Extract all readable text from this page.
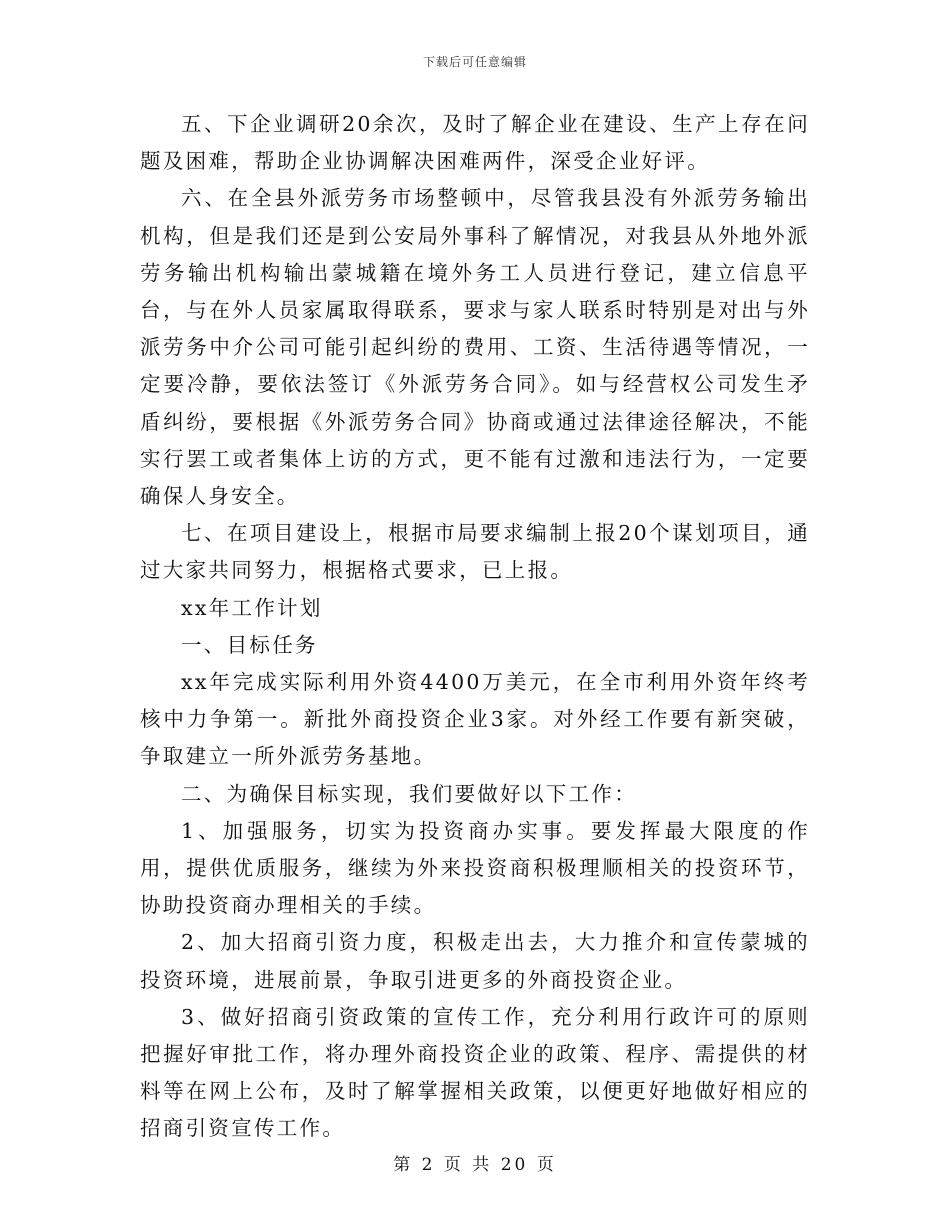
下载后可任意编辑

五、下企业调研20余次，及时了解企业在建设、生产上存在问题及困难，帮助企业协调解决困难两件，深受企业好评。

六、在全县外派劳务市场整顿中，尽管我县没有外派劳务输出机构，但是我们还是到公安局外事科了解情况，对我县从外地外派劳务输出机构输出蒙城籍在境外务工人员进行登记，建立信息平台，与在外人员家属取得联系，要求与家人联系时特别是对出与外派劳务中介公司可能引起纠纷的费用、工资、生活待遇等情况，一定要冷静，要依法签订《外派劳务合同》。如与经营权公司发生矛盾纠纷，要根据《外派劳务合同》协商或通过法律途径解决，不能实行罢工或者集体上访的方式，更不能有过激和违法行为，一定要确保人身安全。

七、在项目建设上，根据市局要求编制上报20个谋划项目，通过大家共同努力，根据格式要求，已上报。

xx年工作计划

一、目标任务

xx年完成实际利用外资4400万美元，在全市利用外资年终考核中力争第一。新批外商投资企业3家。对外经工作要有新突破，争取建立一所外派劳务基地。

二、为确保目标实现，我们要做好以下工作：

1、加强服务，切实为投资商办实事。要发挥最大限度的作用，提供优质服务，继续为外来投资商积极理顺相关的投资环节，协助投资商办理相关的手续。

2、加大招商引资力度，积极走出去，大力推介和宣传蒙城的投资环境，进展前景，争取引进更多的外商投资企业。

3、做好招商引资政策的宣传工作，充分利用行政许可的原则把握好审批工作，将办理外商投资企业的政策、程序、需提供的材料等在网上公布，及时了解掌握相关政策，以便更好地做好相应的招商引资宣传工作。

第 2 页 共 20 页
